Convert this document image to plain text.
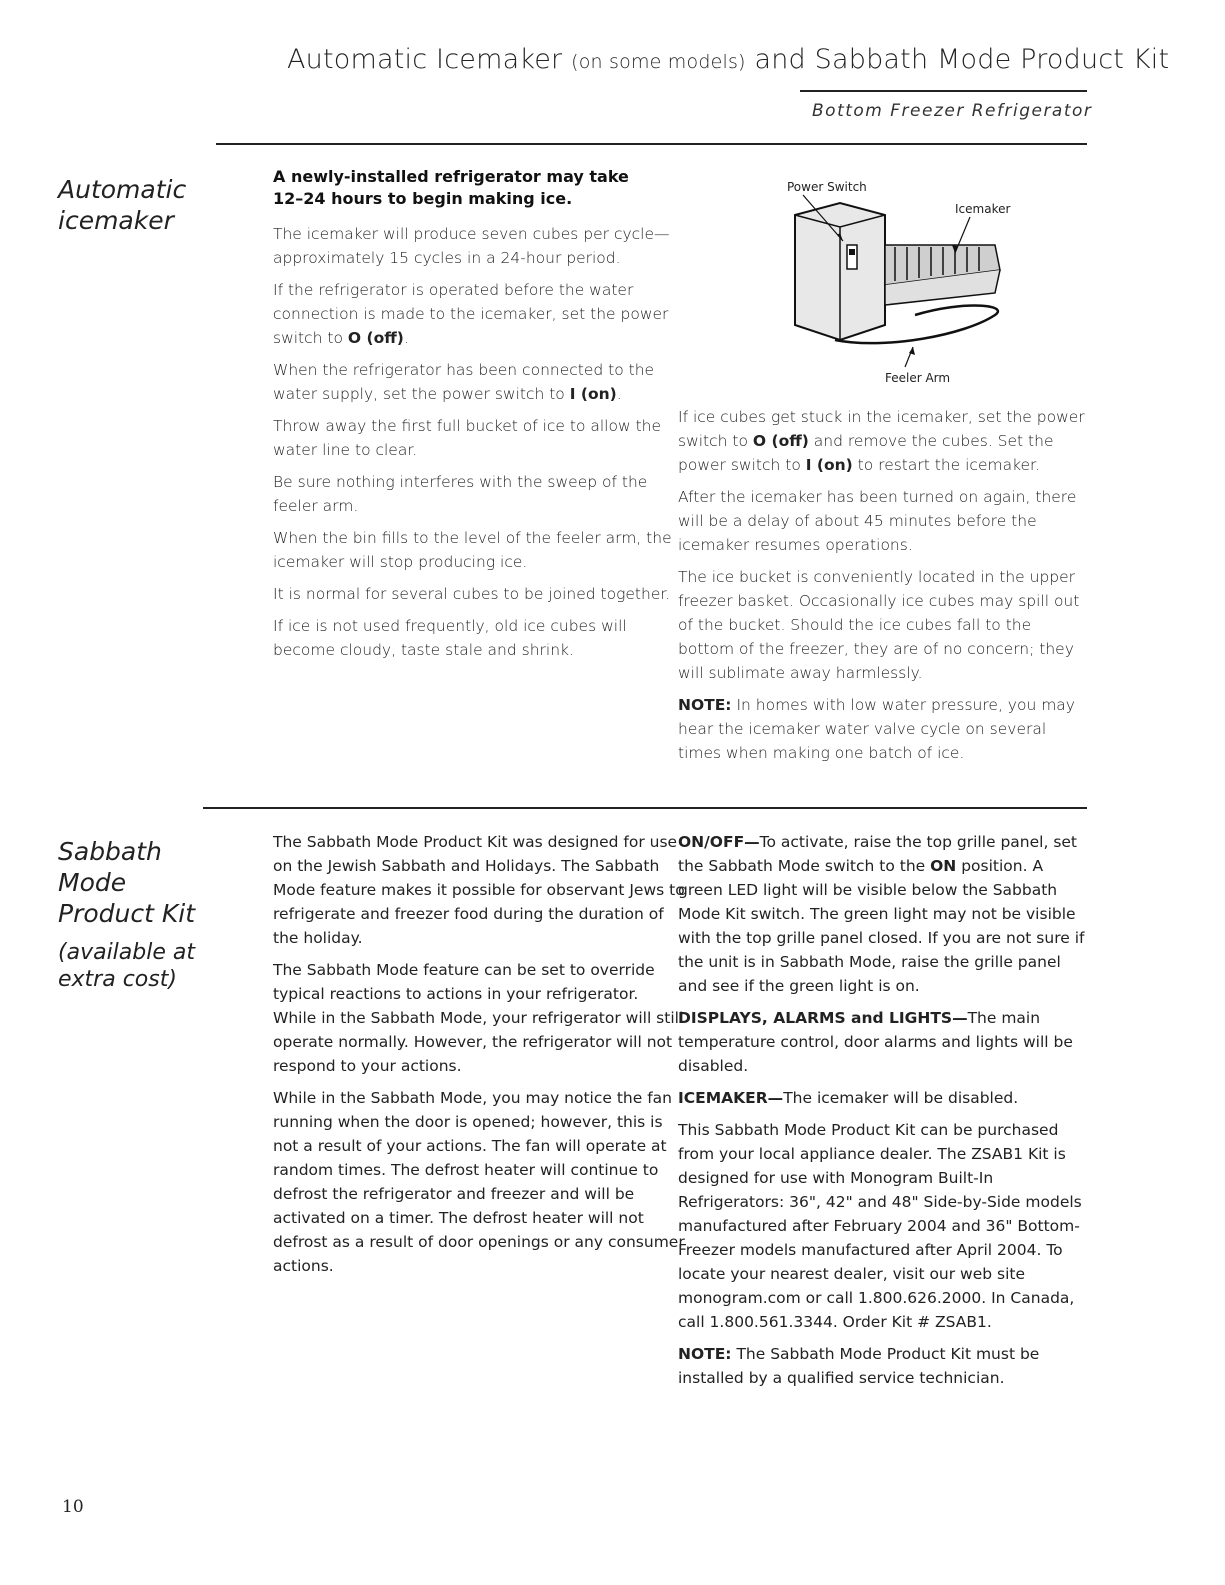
Automatic Icemaker (on some models) and Sabbath Mode Product Kit
Bottom Freezer Refrigerator
Automatic
icemaker

A newly-installed refrigerator may take
12–24 hours to begin making ice.

The icemaker will produce seven cubes per cycle—approximately 15 cycles in a 24-hour period.

If the refrigerator is operated before the water connection is made to the icemaker, set the power switch to O (off).

When the refrigerator has been connected to the water supply, set the power switch to I (on).

Throw away the first full bucket of ice to allow the water line to clear.

Be sure nothing interferes with the sweep of the feeler arm.

When the bin fills to the level of the feeler arm, the icemaker will stop producing ice.

It is normal for several cubes to be joined together.

If ice is not used frequently, old ice cubes will become cloudy, taste stale and shrink.

Power Switch
Icemaker
Feeler Arm

If ice cubes get stuck in the icemaker, set the power switch to O (off) and remove the cubes. Set the power switch to I (on) to restart the icemaker.

After the icemaker has been turned on again, there will be a delay of about 45 minutes before the icemaker resumes operations.

The ice bucket is conveniently located in the upper freezer basket. Occasionally ice cubes may spill out of the bucket. Should the ice cubes fall to the bottom of the freezer, they are of no concern; they will sublimate away harmlessly.

NOTE: In homes with low water pressure, you may hear the icemaker water valve cycle on several times when making one batch of ice.

Sabbath
Mode
Product Kit
(available at
extra cost)

The Sabbath Mode Product Kit was designed for use on the Jewish Sabbath and Holidays. The Sabbath Mode feature makes it possible for observant Jews to refrigerate and freezer food during the duration of the holiday.

The Sabbath Mode feature can be set to override typical reactions to actions in your refrigerator. While in the Sabbath Mode, your refrigerator will still operate normally. However, the refrigerator will not respond to your actions.

While in the Sabbath Mode, you may notice the fan running when the door is opened; however, this is not a result of your actions. The fan will operate at random times. The defrost heater will continue to defrost the refrigerator and freezer and will be activated on a timer. The defrost heater will not defrost as a result of door openings or any consumer actions.

ON/OFF—To activate, raise the top grille panel, set the Sabbath Mode switch to the ON position. A green LED light will be visible below the Sabbath Mode Kit switch. The green light may not be visible with the top grille panel closed. If you are not sure if the unit is in Sabbath Mode, raise the grille panel and see if the green light is on.

DISPLAYS, ALARMS and LIGHTS—The main temperature control, door alarms and lights will be disabled.

ICEMAKER—The icemaker will be disabled.

This Sabbath Mode Product Kit can be purchased from your local appliance dealer. The ZSAB1 Kit is designed for use with Monogram Built-In Refrigerators: 36", 42" and 48" Side-by-Side models manufactured after February 2004 and 36" Bottom-Freezer models manufactured after April 2004. To locate your nearest dealer, visit our web site monogram.com or call 1.800.626.2000. In Canada, call 1.800.561.3344. Order Kit # ZSAB1.

NOTE: The Sabbath Mode Product Kit must be installed by a qualified service technician.

10
